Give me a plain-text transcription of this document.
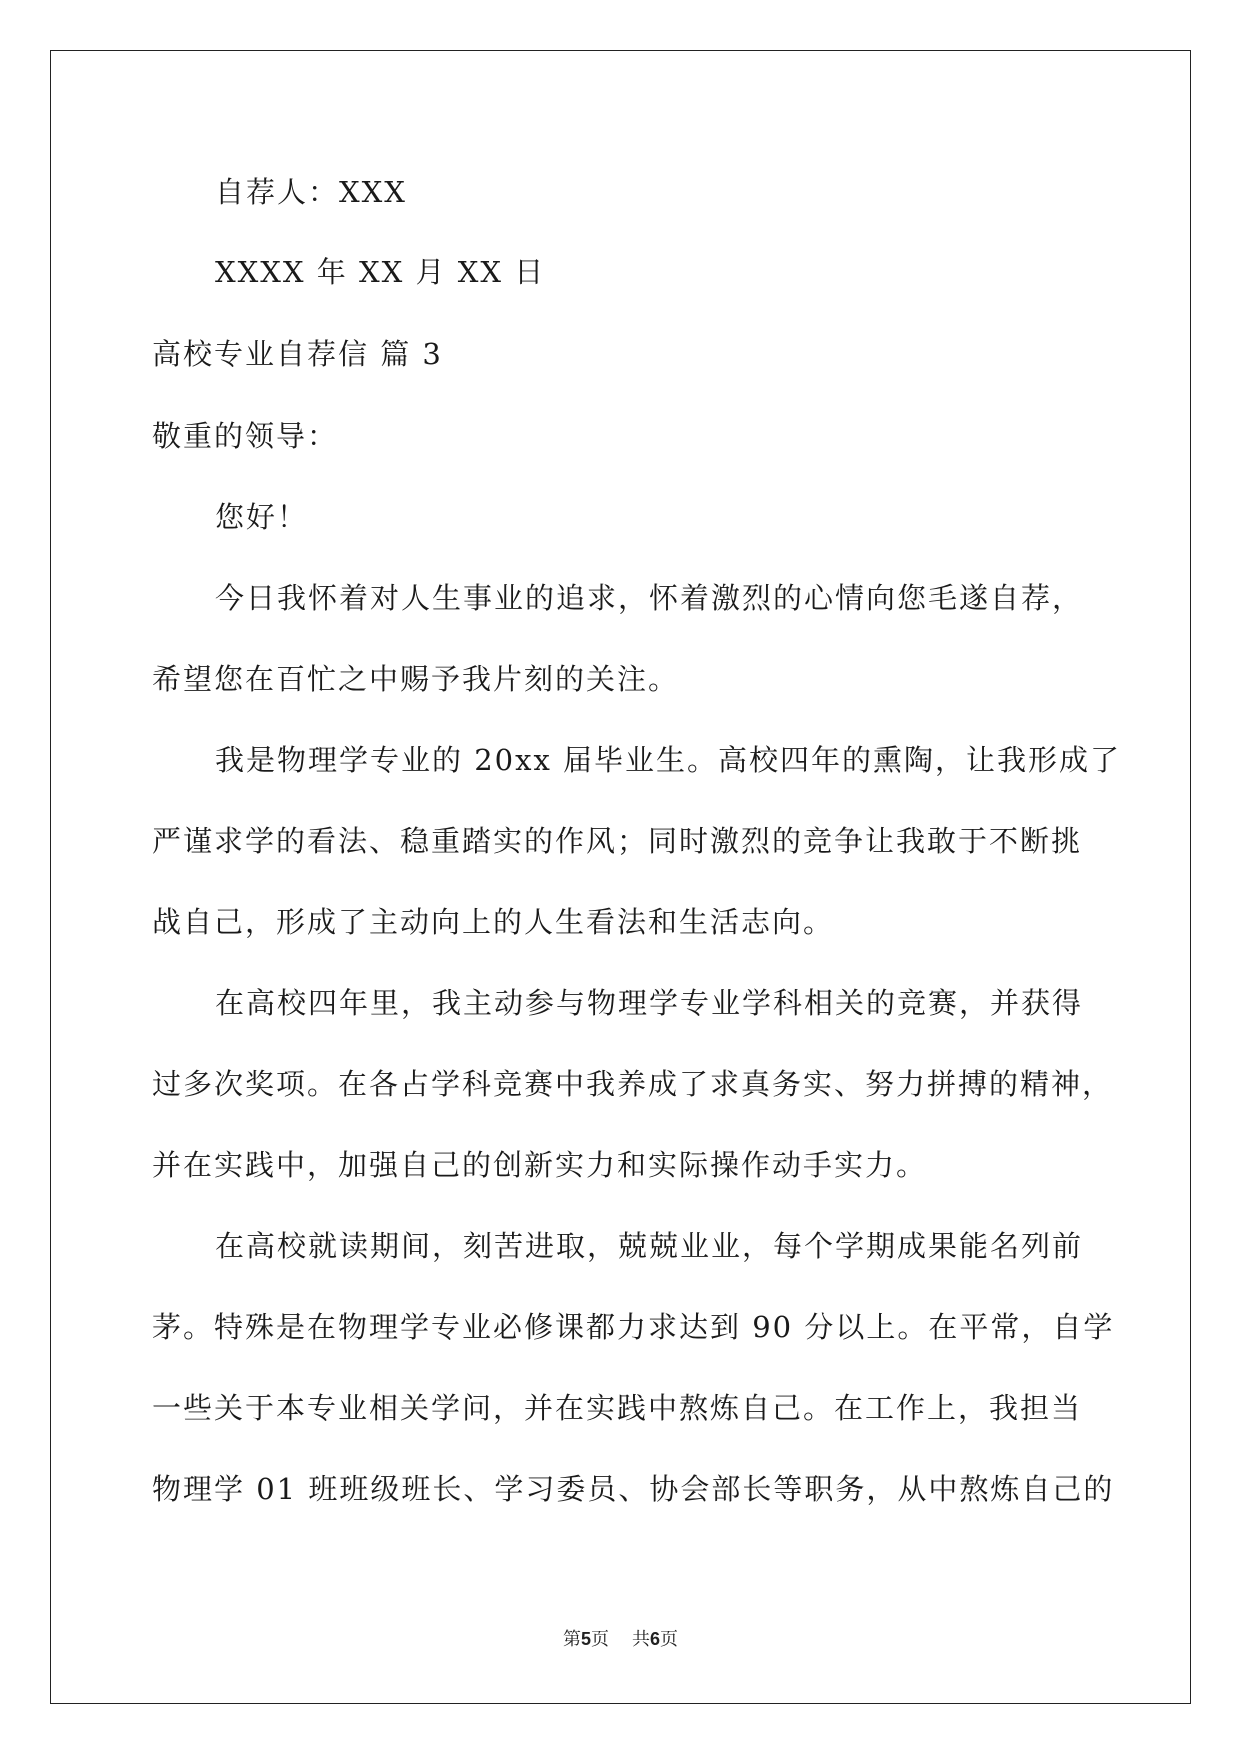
自荐人：XXX
XXXX 年 XX 月 XX 日
高校专业自荐信 篇 3
敬重的领导：
您好！
今日我怀着对人生事业的追求，怀着激烈的心情向您毛遂自荐，
希望您在百忙之中赐予我片刻的关注。
我是物理学专业的 20xx 届毕业生。高校四年的熏陶，让我形成了
严谨求学的看法、稳重踏实的作风；同时激烈的竞争让我敢于不断挑
战自己，形成了主动向上的人生看法和生活志向。
在高校四年里，我主动参与物理学专业学科相关的竞赛，并获得
过多次奖项。在各占学科竞赛中我养成了求真务实、努力拼搏的精神，
并在实践中，加强自己的创新实力和实际操作动手实力。
在高校就读期间，刻苦进取，兢兢业业，每个学期成果能名列前
茅。特殊是在物理学专业必修课都力求达到 90 分以上。在平常，自学
一些关于本专业相关学问，并在实践中熬炼自己。在工作上，我担当
物理学 01 班班级班长、学习委员、协会部长等职务，从中熬炼自己的
第5页 共6页
